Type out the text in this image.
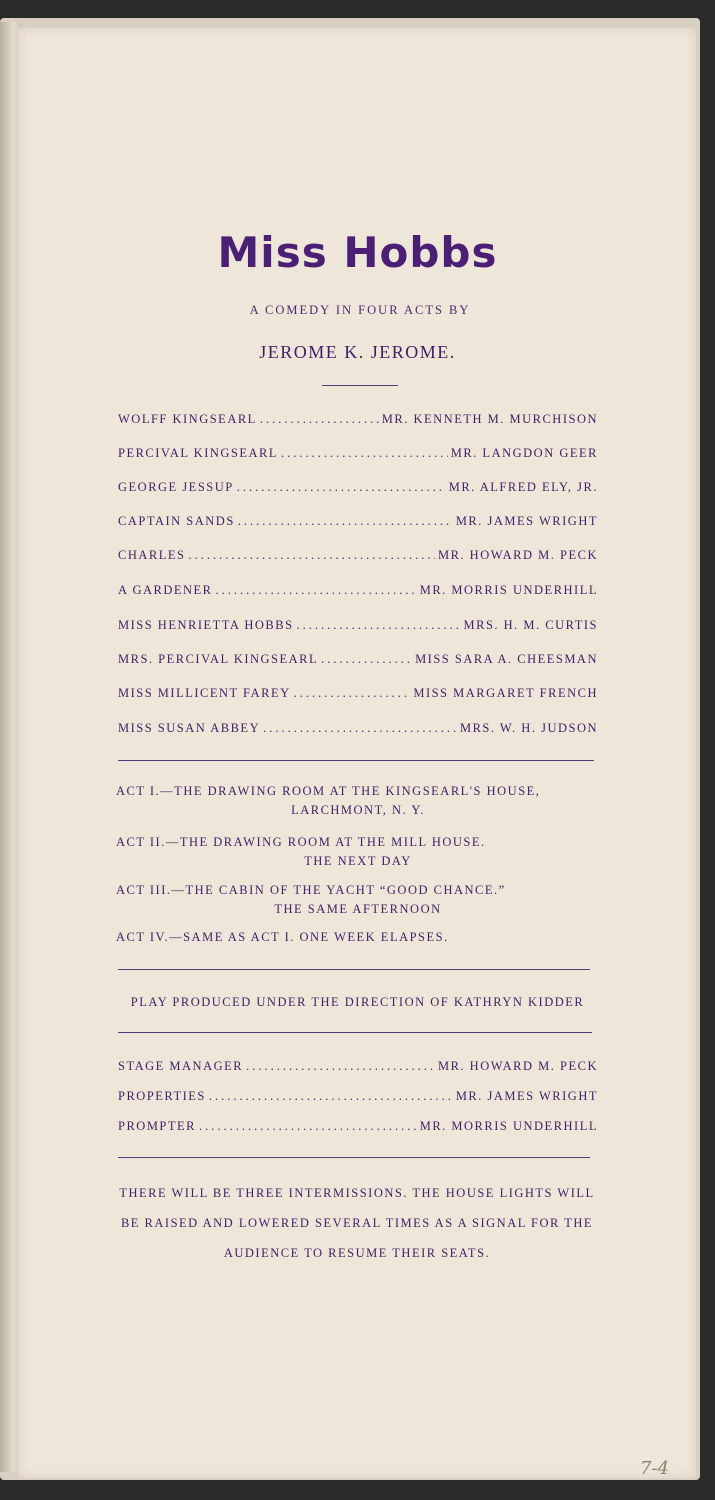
Miss Hobbs
A COMEDY IN FOUR ACTS BY
JEROME K. JEROME.
WOLFF KINGSEARL .....	MR. KENNETH M. MURCHISON
PERCIVAL KINGSEARL .....	MR. LANGDON GEER
GEORGE JESSUP .....	MR. ALFRED ELY, JR.
CAPTAIN SANDS .....	MR. JAMES WRIGHT
CHARLES .....	MR. HOWARD M. PECK
A GARDENER .....	MR. MORRIS UNDERHILL
MISS HENRIETTA HOBBS .....	MRS. H. M. CURTIS
MRS. PERCIVAL KINGSEARL .....	MISS SARA A. CHEESMAN
MISS MILLICENT FAREY .....	MISS MARGARET FRENCH
MISS SUSAN ABBEY .....	MRS. W. H. JUDSON
ACT I.—THE DRAWING ROOM AT THE KINGSEARL'S HOUSE,
LARCHMONT, N. Y.
ACT II.—THE DRAWING ROOM AT THE MILL HOUSE.
THE NEXT DAY
ACT III.—THE CABIN OF THE YACHT “GOOD CHANCE.”
THE SAME AFTERNOON
ACT IV.—SAME AS ACT I. ONE WEEK ELAPSES.
PLAY PRODUCED UNDER THE DIRECTION OF KATHRYN KIDDER
STAGE MANAGER .....	MR. HOWARD M. PECK
PROPERTIES .....	MR. JAMES WRIGHT
PROMPTER .....	MR. MORRIS UNDERHILL
THERE WILL BE THREE INTERMISSIONS. THE HOUSE LIGHTS WILL BE RAISED AND LOWERED SEVERAL TIMES AS A SIGNAL FOR THE AUDIENCE TO RESUME THEIR SEATS.
7-4
